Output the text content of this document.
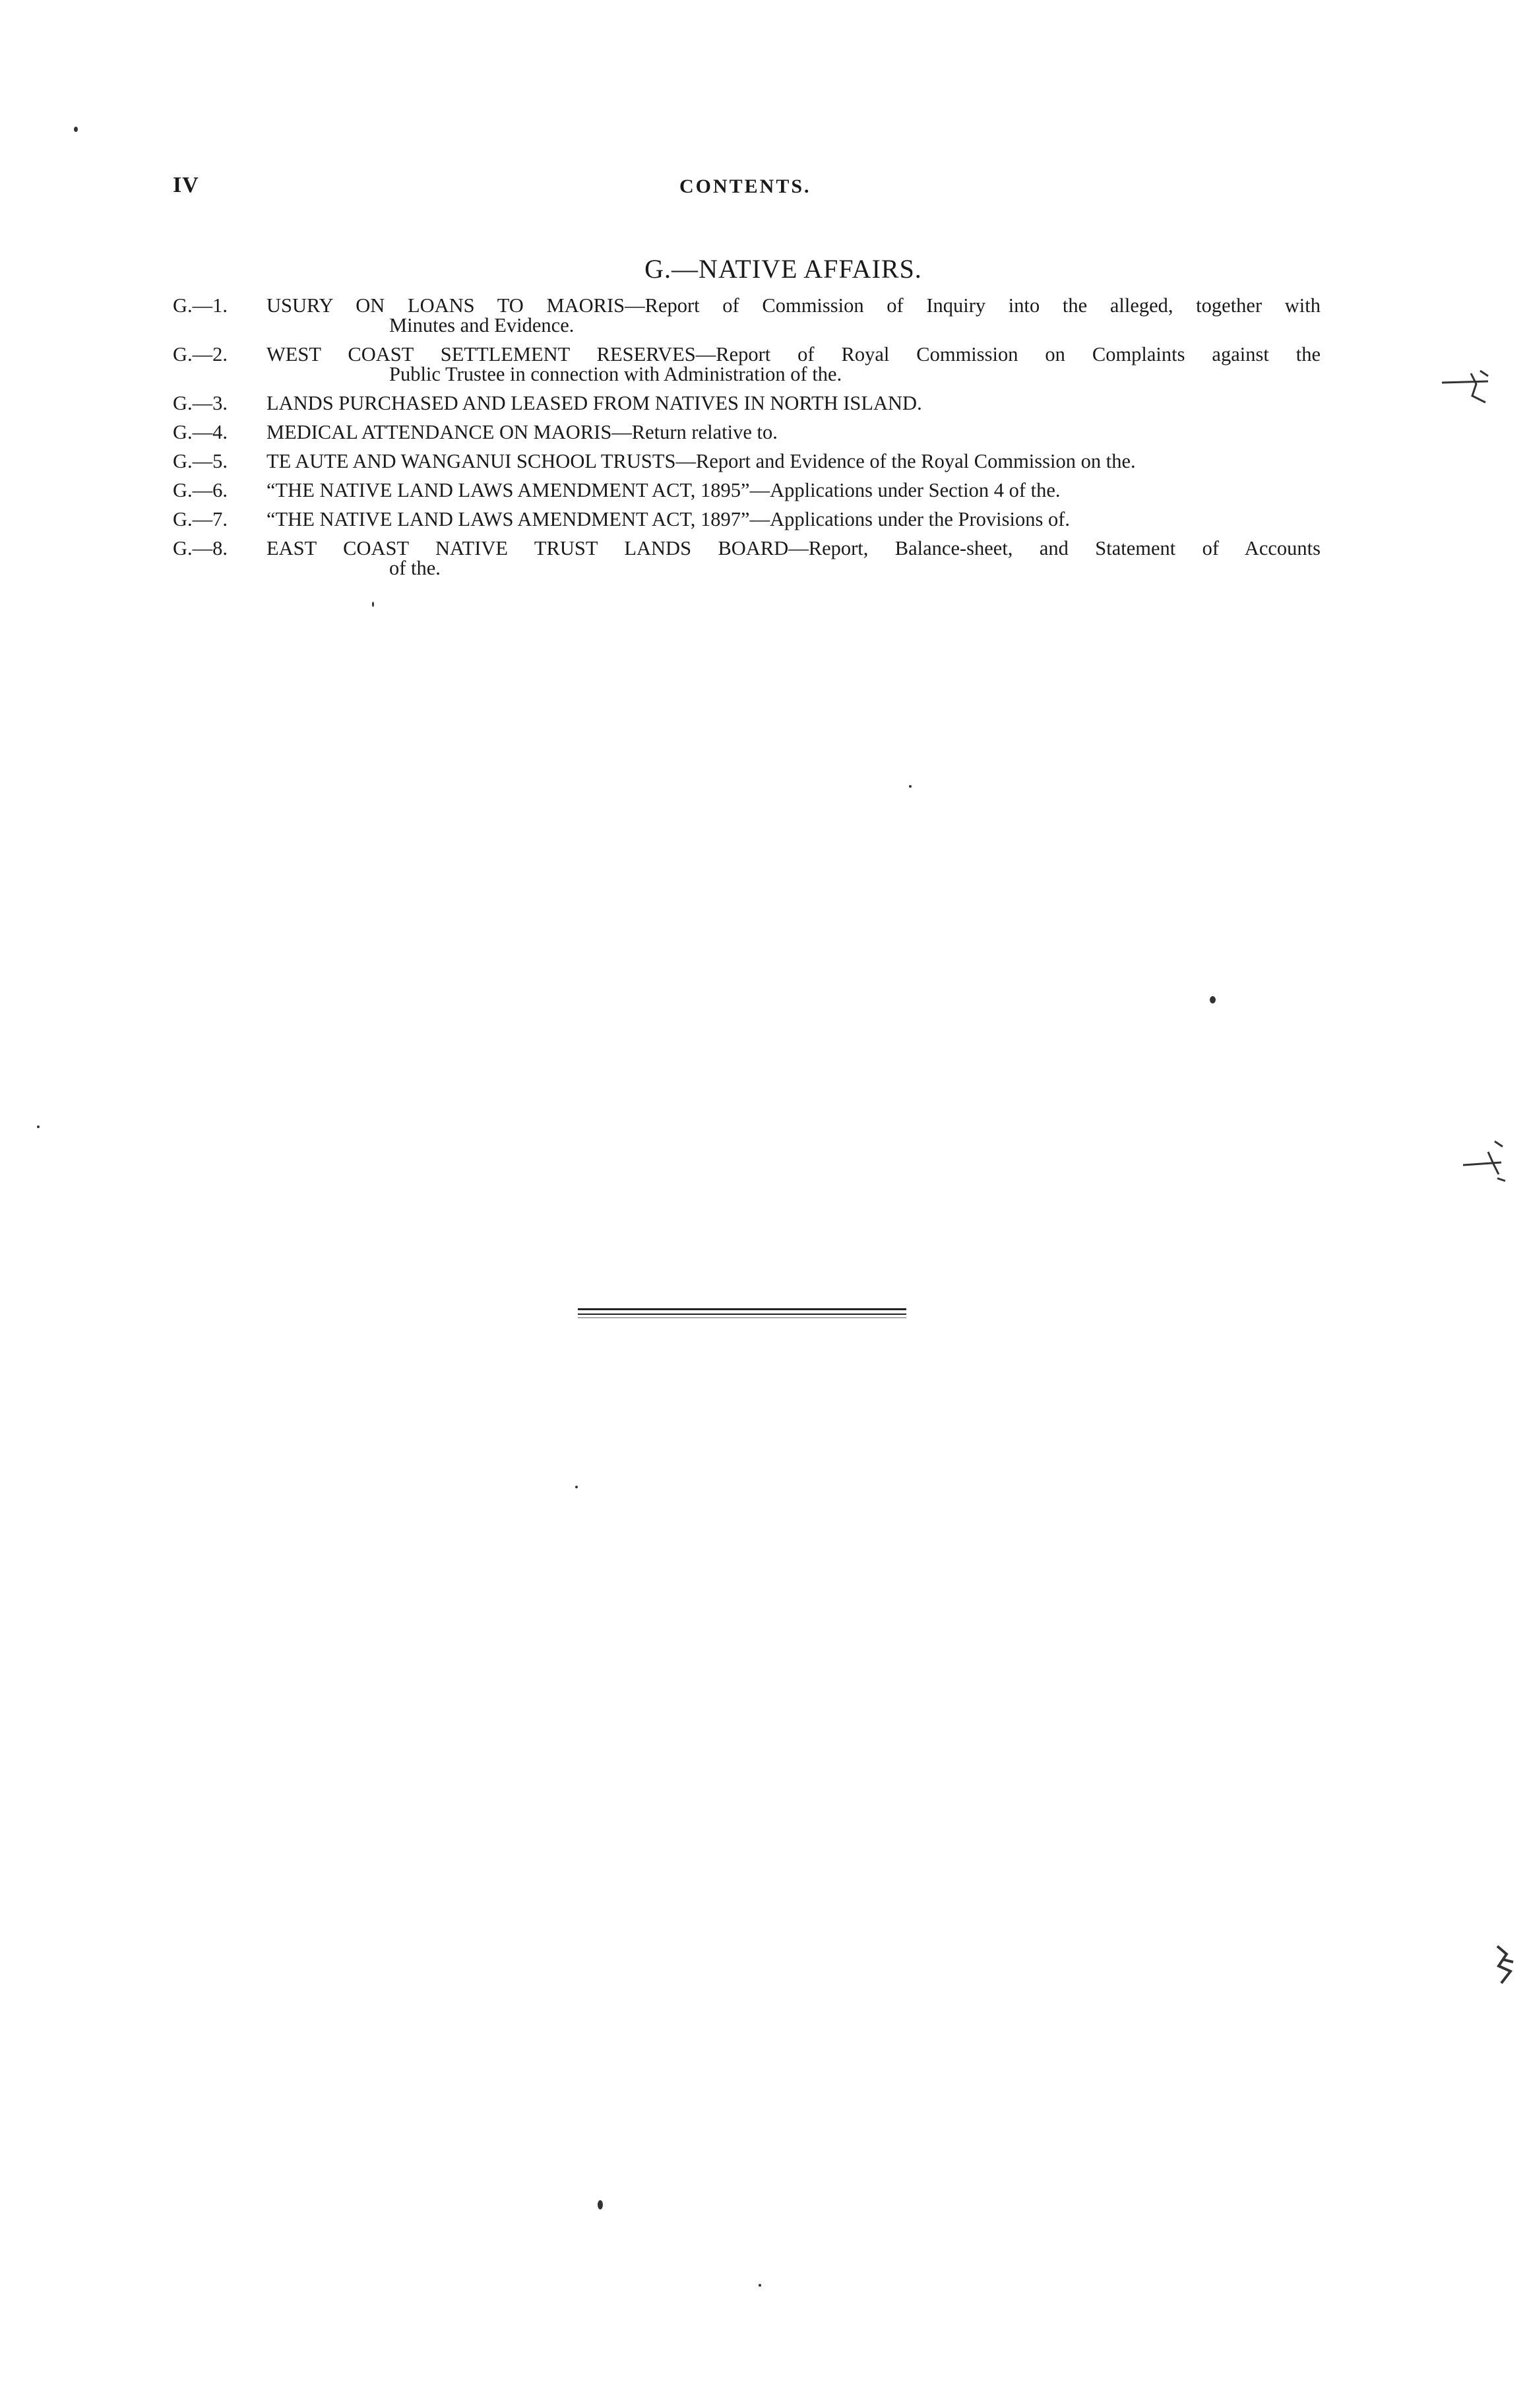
IV	CONTENTS.
G.—NATIVE AFFAIRS.
G.—1.	USURY ON LOANS TO MAORIS—Report of Commission of Inquiry into the alleged, together with
Minutes and Evidence.
G.—2.	WEST COAST SETTLEMENT RESERVES—Report of Royal Commission on Complaints against the
Public Trustee in connection with Administration of the.
G.—3.	LANDS PURCHASED AND LEASED FROM NATIVES IN NORTH ISLAND.
G.—4.	MEDICAL ATTENDANCE ON MAORIS—Return relative to.
G.—5.	TE AUTE AND WANGANUI SCHOOL TRUSTS—Report and Evidence of the Royal Commission on the.
G.—6.	“THE NATIVE LAND LAWS AMENDMENT ACT, 1895”—Applications under Section 4 of the.
G.—7.	“THE NATIVE LAND LAWS AMENDMENT ACT, 1897”—Applications under the Provisions of.
G.—8.	EAST COAST NATIVE TRUST LANDS BOARD—Report, Balance-sheet, and Statement of Accounts
of the.
